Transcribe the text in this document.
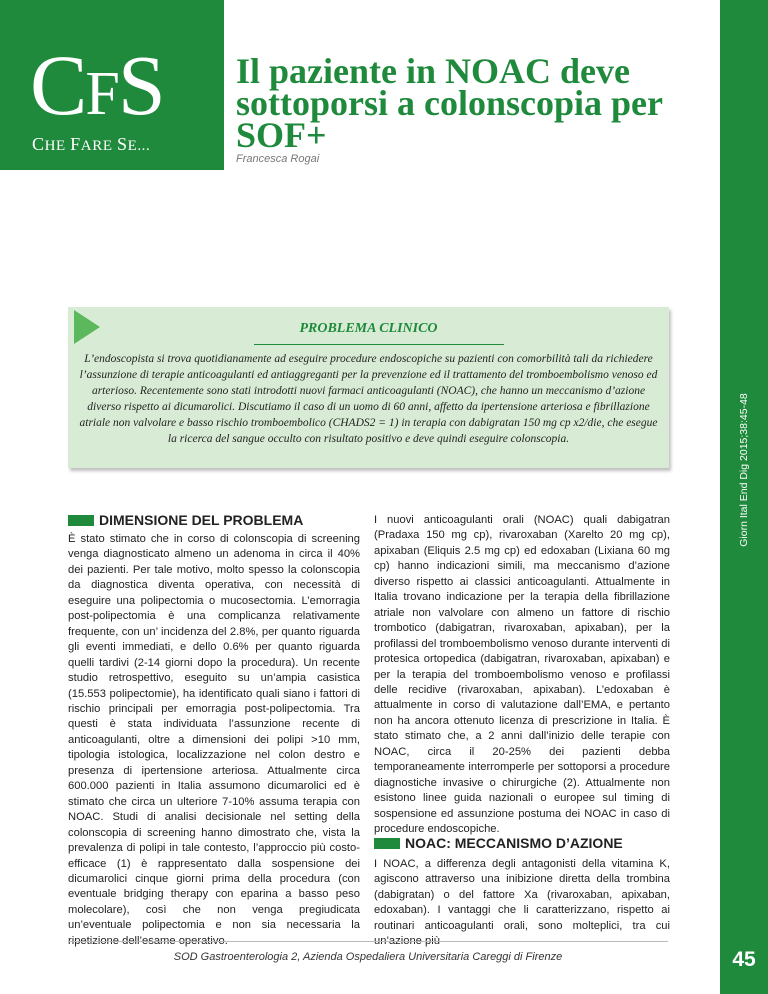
CFS
CHE FARE SE...
Giorn Ital End Dig 2015;38:45-48
45
Il paziente in NOAC deve sottoporsi a colonscopia per SOF+
Francesca Rogai
PROBLEMA CLINICO

L’endoscopista si trova quotidianamente ad eseguire procedure endoscopiche su pazienti con comorbilità tali da richiedere l’assunzione di terapie anticoagulanti ed antiaggreganti per la prevenzione ed il trattamento del tromboembolismo venoso ed arterioso. Recentemente sono stati introdotti nuovi farmaci anticoagulanti (NOAC), che hanno un meccanismo d’azione diverso rispetto ai dicumarolici. Discutiamo il caso di un uomo di 60 anni, affetto da ipertensione arteriosa e fibrillazione atriale non valvolare e basso rischio tromboembolico (CHADS2 = 1) in terapia con dabigratan 150 mg cp x2/die, che esegue la ricerca del sangue occulto con risultato positivo e deve quindi eseguire colonscopia.

DIMENSIONE DEL PROBLEMA

È stato stimato che in corso di colonscopia di screening venga diagnosticato almeno un adenoma in circa il 40% dei pazienti. Per tale motivo, molto spesso la colonscopia da diagnostica diventa operativa, con necessità di eseguire una polipectomia o mucosectomia. L’emorragia post-polipectomia è una complicanza relativamente frequente, con un’ incidenza del 2.8%, per quanto riguarda gli eventi immediati, e dello 0.6% per quanto riguarda quelli tardivi (2-14 giorni dopo la procedura). Un recente studio retrospettivo, eseguito su un’ampia casistica (15.553 polipectomie), ha identificato quali siano i fattori di rischio principali per emorragia post-polipectomia. Tra questi è stata individuata l’assunzione recente di anticoagulanti, oltre a dimensioni dei polipi >10 mm, tipologia istologica, localizzazione nel colon destro e presenza di ipertensione arteriosa. Attualmente circa 600.000 pazienti in Italia assumono dicumarolici ed è stimato che circa un ulteriore 7-10% assuma terapia con NOAC. Studi di analisi decisionale nel setting della colonscopia di screening hanno dimostrato che, vista la prevalenza di polipi in tale contesto, l’approccio più costo-efficace (1) è rappresentato dalla sospensione dei dicumarolici cinque giorni prima della procedura (con eventuale bridging therapy con eparina a basso peso molecolare), così che non venga pregiudicata un’eventuale polipectomia e non sia necessaria la ripetizione dell’esame operativo.

I nuovi anticoagulanti orali (NOAC) quali dabigatran (Pradaxa 150 mg cp), rivaroxaban (Xarelto 20 mg cp), apixaban (Eliquis 2.5 mg cp) ed edoxaban (Lixiana 60 mg cp) hanno indicazioni simili, ma meccanismo d’azione diverso rispetto ai classici anticoagulanti. Attualmente in Italia trovano indicazione per la terapia della fibrillazione atriale non valvolare con almeno un fattore di rischio trombotico (dabigatran, rivaroxaban, apixaban), per la profilassi del tromboembolismo venoso durante interventi di protesica ortopedica (dabigatran, rivaroxaban, apixaban) e per la terapia del tromboembolismo venoso e profilassi delle recidive (rivaroxaban, apixaban). L’edoxaban è attualmente in corso di valutazione dall’EMA, e pertanto non ha ancora ottenuto licenza di prescrizione in Italia. È stato stimato che, a 2 anni dall’inizio delle terapie con NOAC, circa il 20-25% dei pazienti debba temporaneamente interromperle per sottoporsi a procedure diagnostiche invasive o chirurgiche (2). Attualmente non esistono linee guida nazionali o europee sul timing di sospensione ed assunzione postuma dei NOAC in caso di procedure endoscopiche.

NOAC: MECCANISMO D’AZIONE

I NOAC, a differenza degli antagonisti della vitamina K, agiscono attraverso una inibizione diretta della trombina (dabigratan) o del fattore Xa (rivaroxaban, apixaban, edoxaban). I vantaggi che li caratterizzano, rispetto ai routinari anticoagulanti orali, sono molteplici, tra cui un’azione più

SOD Gastroenterologia 2, Azienda Ospedaliera Universitaria Careggi di Firenze
